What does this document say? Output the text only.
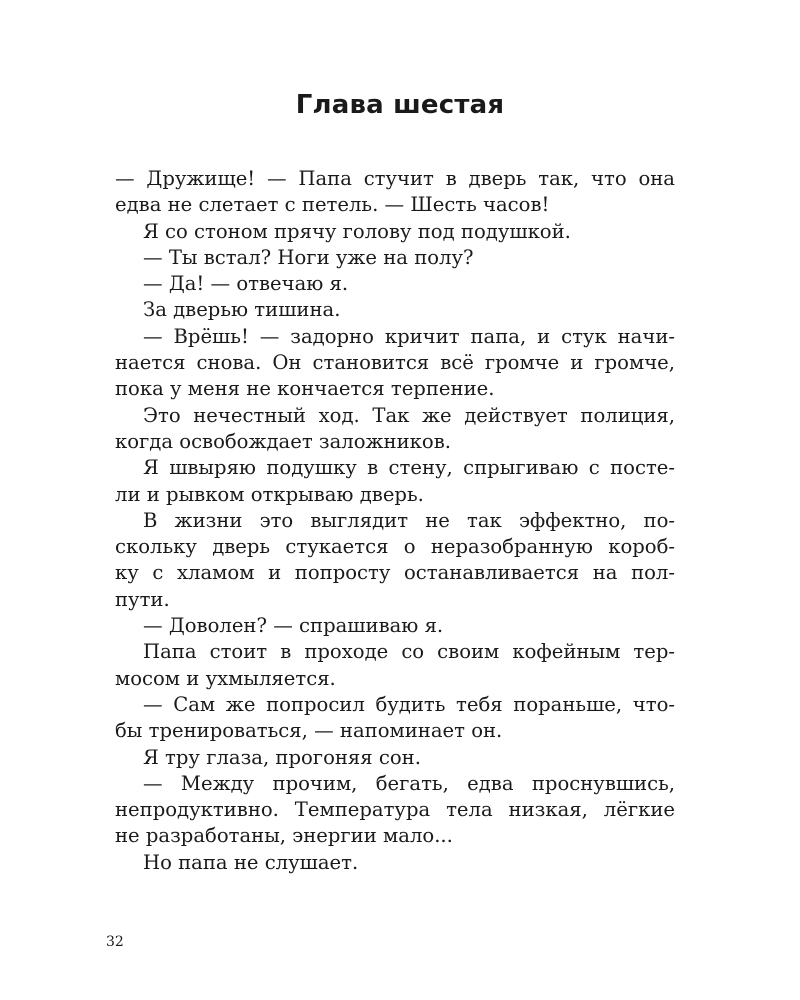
Глава шестая
— Дружище! — Папа стучит в дверь так, что она
едва не слетает с петель. — Шесть часов!
Я со стоном прячу голову под подушкой.
— Ты встал? Ноги уже на полу?
— Да! — отвечаю я.
За дверью тишина.
— Врёшь! — задорно кричит папа, и стук начи-
нается снова. Он становится всё громче и громче,
пока у меня не кончается терпение.
Это нечестный ход. Так же действует полиция,
когда освобождает заложников.
Я швыряю подушку в стену, спрыгиваю с посте-
ли и рывком открываю дверь.
В жизни это выглядит не так эффектно, по-
скольку дверь стукается о неразобранную короб-
ку с хламом и попросту останавливается на пол-
пути.
— Доволен? — спрашиваю я.
Папа стоит в проходе со своим кофейным тер-
мосом и ухмыляется.
— Сам же попросил будить тебя пораньше, что-
бы тренироваться, — напоминает он.
Я тру глаза, прогоняя сон.
— Между прочим, бегать, едва проснувшись,
непродуктивно. Температура тела низкая, лёгкие
не разработаны, энергии мало...
Но папа не слушает.

32
